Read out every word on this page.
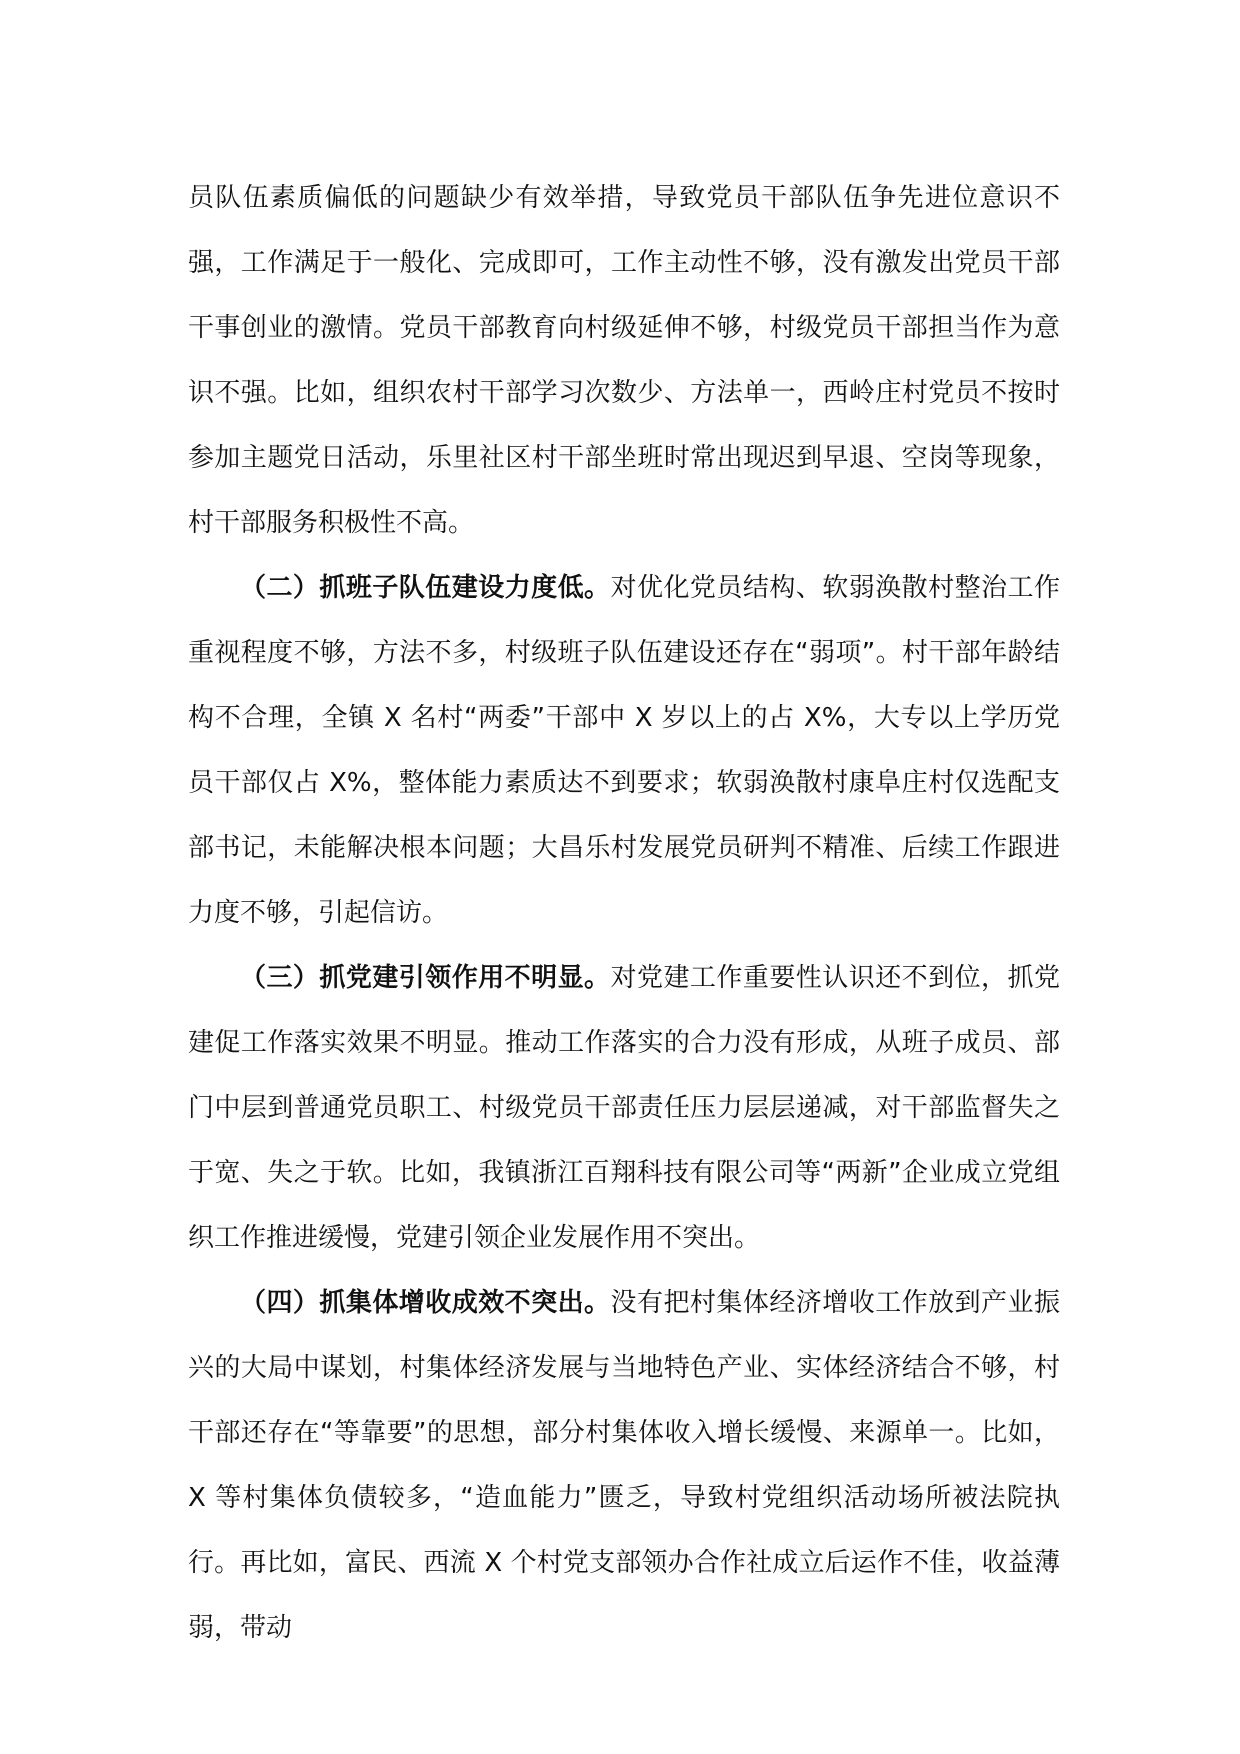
员队伍素质偏低的问题缺少有效举措，导致党员干部队伍争先进位意识不强，工作满足于一般化、完成即可，工作主动性不够，没有激发出党员干部干事创业的激情。党员干部教育向村级延伸不够，村级党员干部担当作为意识不强。比如，组织农村干部学习次数少、方法单一，西岭庄村党员不按时参加主题党日活动，乐里社区村干部坐班时常出现迟到早退、空岗等现象，村干部服务积极性不高。

（二）抓班子队伍建设力度低。对优化党员结构、软弱涣散村整治工作重视程度不够，方法不多，村级班子队伍建设还存在“弱项”。村干部年龄结构不合理，全镇 X 名村“两委”干部中 X 岁以上的占 X%，大专以上学历党员干部仅占 X%，整体能力素质达不到要求；软弱涣散村康阜庄村仅选配支部书记，未能解决根本问题；大昌乐村发展党员研判不精准、后续工作跟进力度不够，引起信访。

（三）抓党建引领作用不明显。对党建工作重要性认识还不到位，抓党建促工作落实效果不明显。推动工作落实的合力没有形成，从班子成员、部门中层到普通党员职工、村级党员干部责任压力层层递减，对干部监督失之于宽、失之于软。比如，我镇浙江百翔科技有限公司等“两新”企业成立党组织工作推进缓慢，党建引领企业发展作用不突出。

（四）抓集体增收成效不突出。没有把村集体经济增收工作放到产业振兴的大局中谋划，村集体经济发展与当地特色产业、实体经济结合不够，村干部还存在“等靠要”的思想，部分村集体收入增长缓慢、来源单一。比如，X 等村集体负债较多，“造血能力”匮乏，导致村党组织活动场所被法院执行。再比如，富民、西流 X 个村党支部领办合作社成立后运作不佳，收益薄弱，带动
